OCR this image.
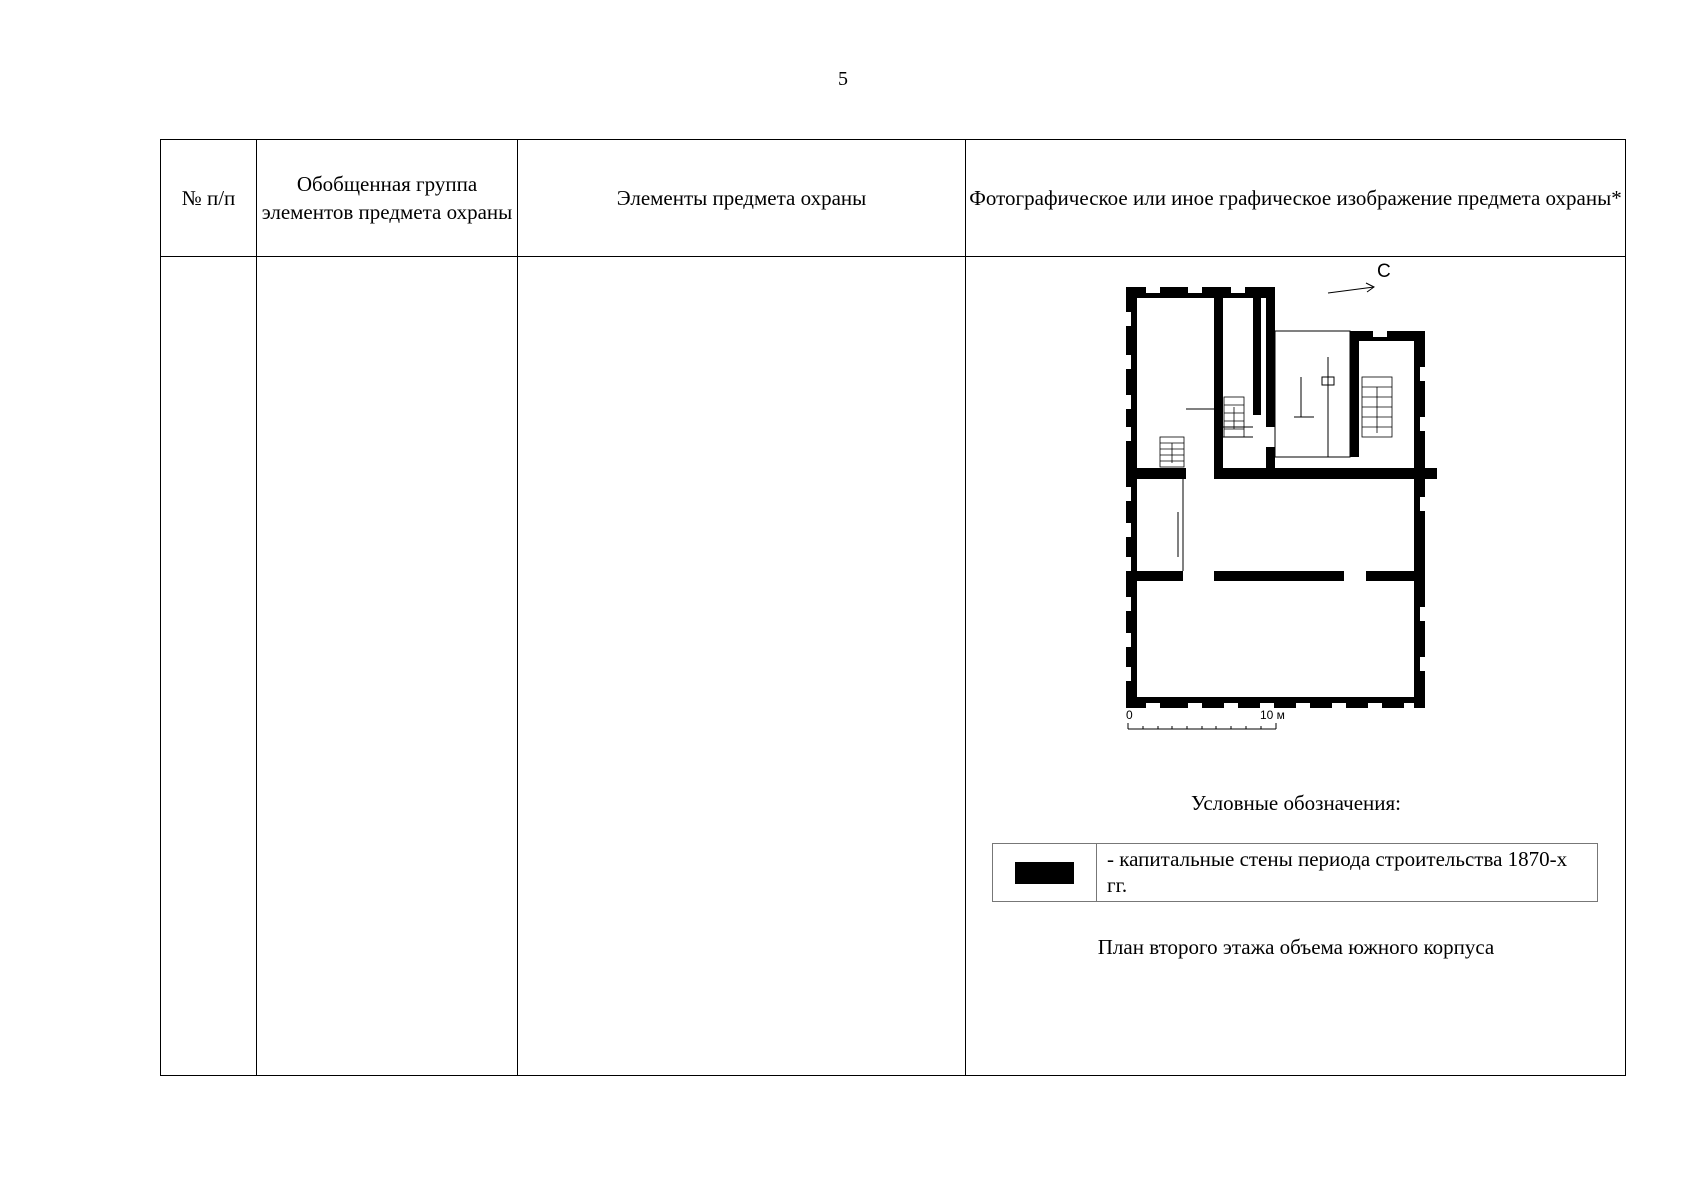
5
№ п/п	Обобщенная группа элементов предмета охраны	Элементы предмета охраны	Фотографическое или иное графическое изображение предмета охраны*

С
0	10 м
Условные обозначения:
	- капитальные стены периода строительства 1870-х гг.
План второго этажа объема южного корпуса
